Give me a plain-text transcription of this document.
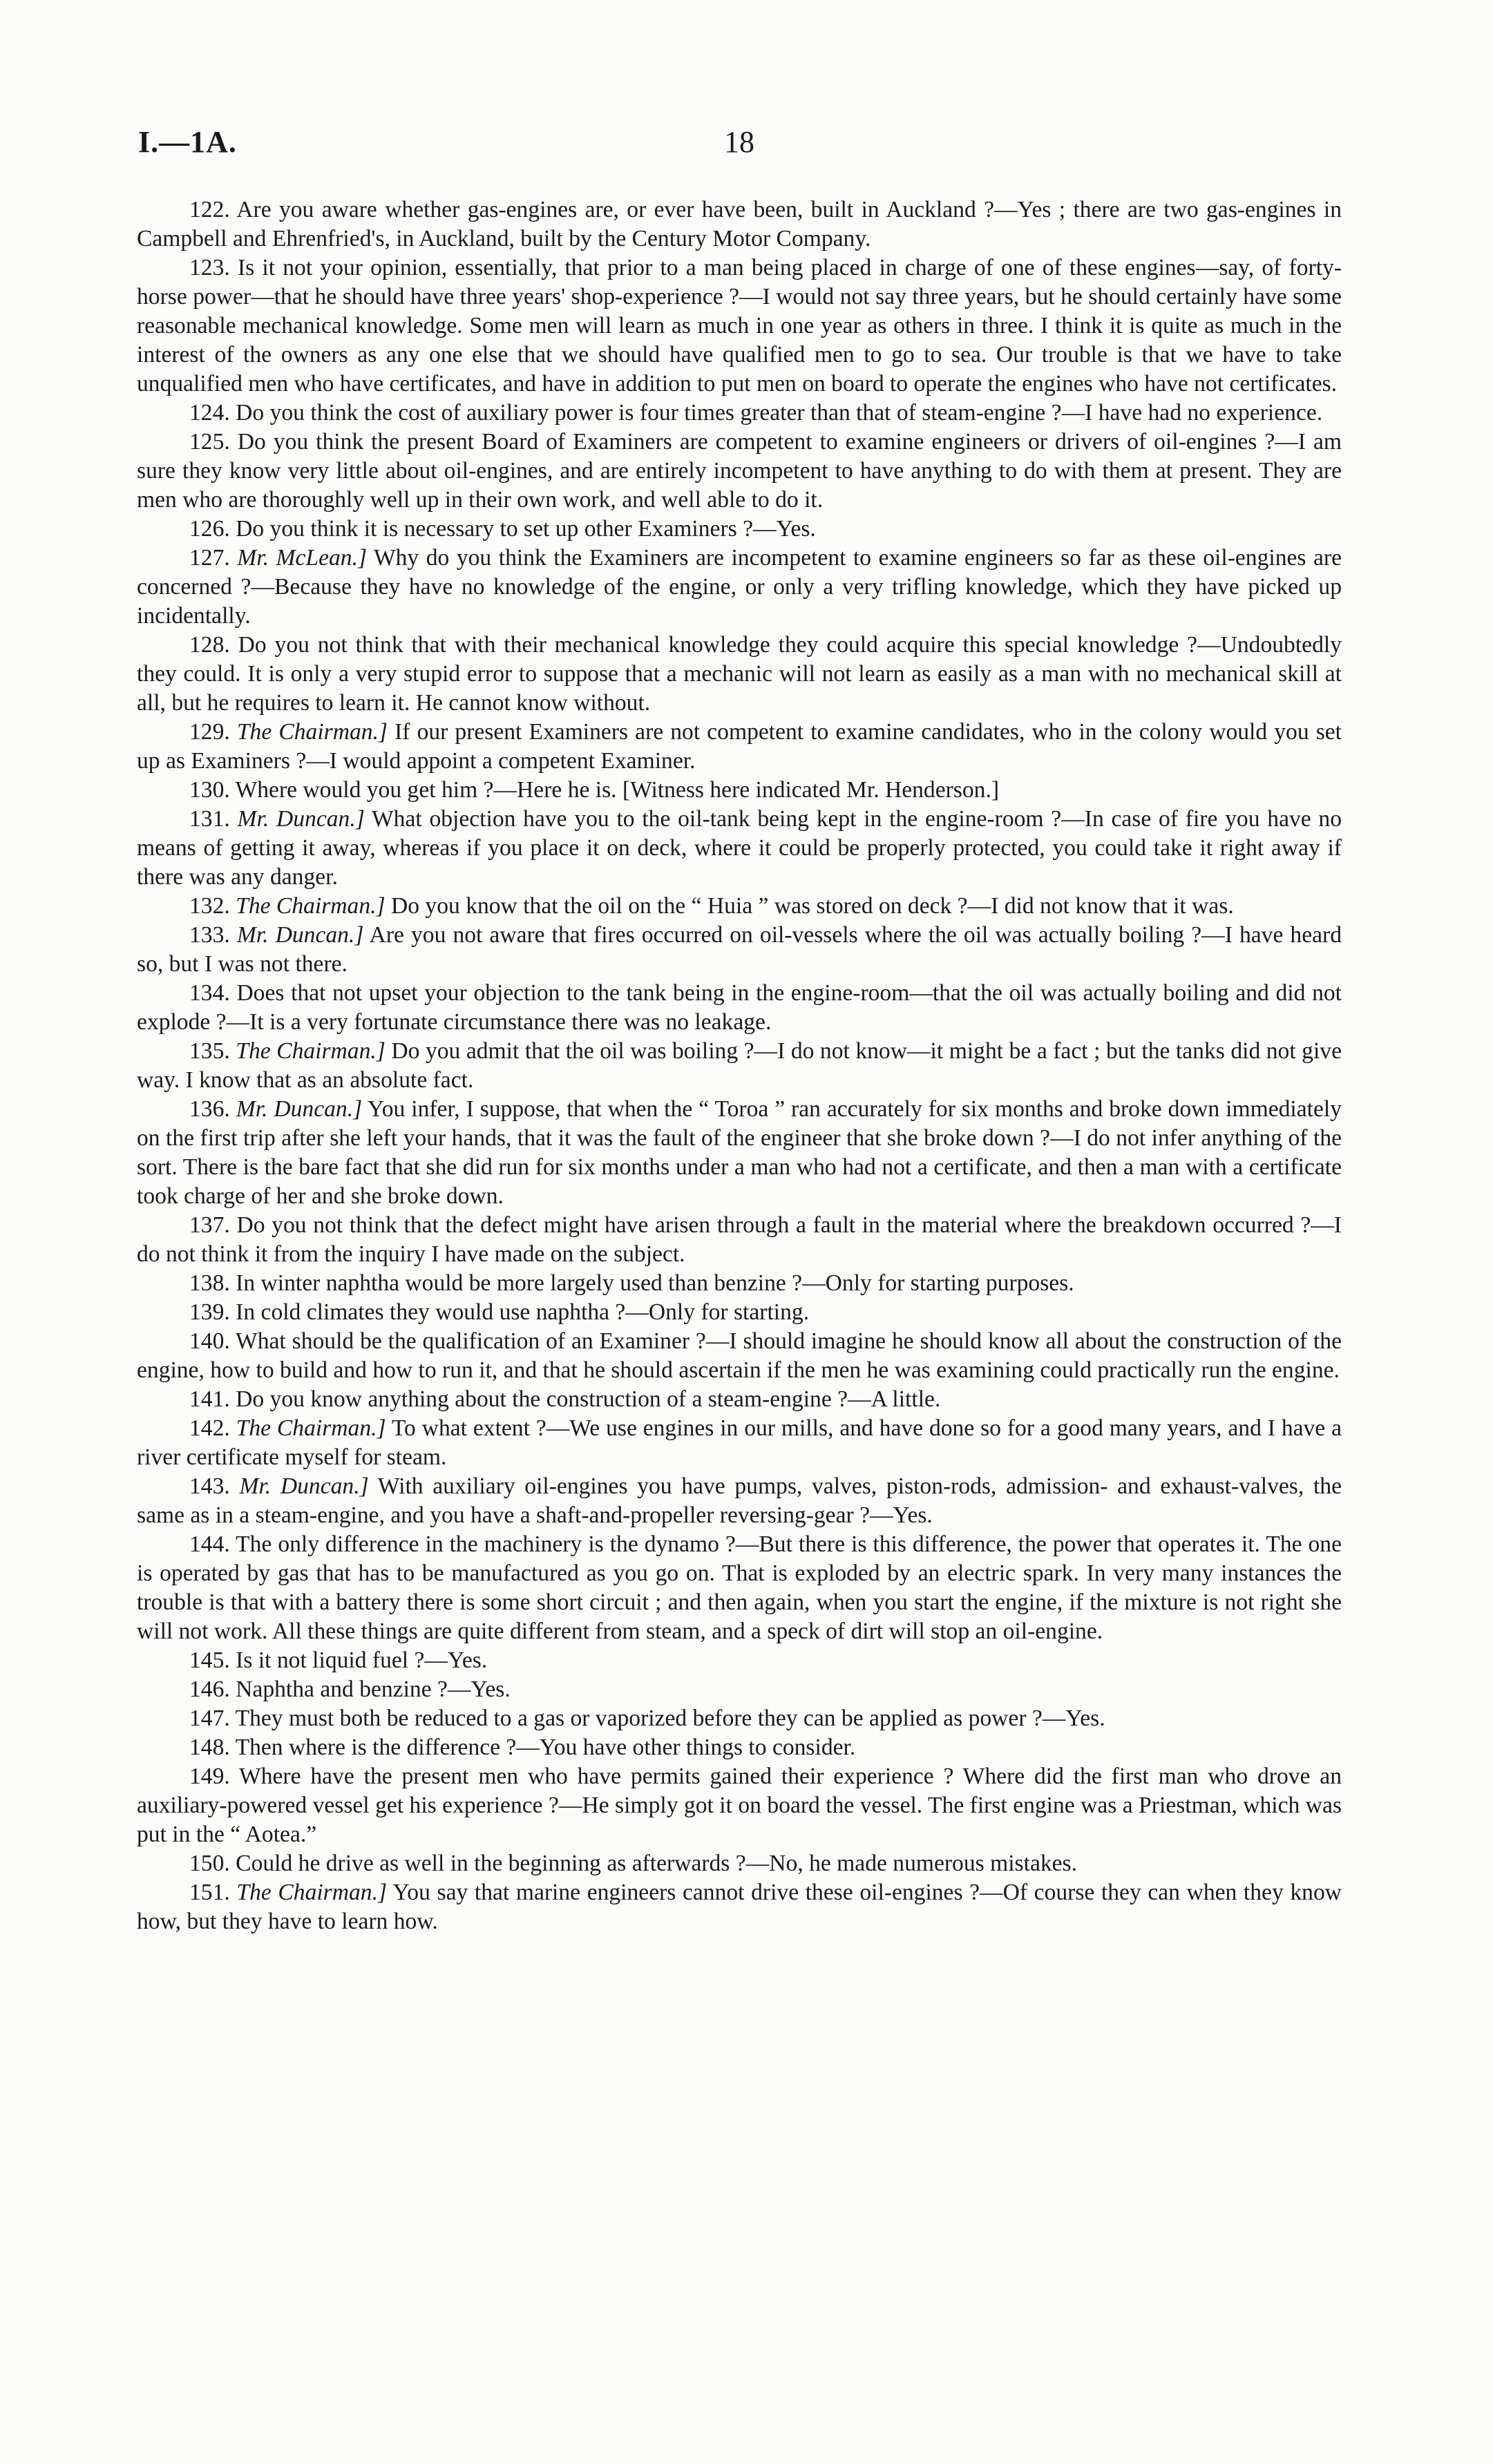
I.—1A.	18

122. Are you aware whether gas-engines are, or ever have been, built in Auckland ?—Yes ; there are two gas-engines in Campbell and Ehrenfried's, in Auckland, built by the Century Motor Company.

123. Is it not your opinion, essentially, that prior to a man being placed in charge of one of these engines—say, of forty-horse power—that he should have three years' shop-experience ?—I would not say three years, but he should certainly have some reasonable mechanical knowledge. Some men will learn as much in one year as others in three. I think it is quite as much in the interest of the owners as any one else that we should have qualified men to go to sea. Our trouble is that we have to take unqualified men who have certificates, and have in addition to put men on board to operate the engines who have not certificates.

124. Do you think the cost of auxiliary power is four times greater than that of steam-engine ?—I have had no experience.

125. Do you think the present Board of Examiners are competent to examine engineers or drivers of oil-engines ?—I am sure they know very little about oil-engines, and are entirely incompetent to have anything to do with them at present. They are men who are thoroughly well up in their own work, and well able to do it.

126. Do you think it is necessary to set up other Examiners ?—Yes.

127. Mr. McLean.] Why do you think the Examiners are incompetent to examine engineers so far as these oil-engines are concerned ?—Because they have no knowledge of the engine, or only a very trifling knowledge, which they have picked up incidentally.

128. Do you not think that with their mechanical knowledge they could acquire this special knowledge ?—Undoubtedly they could. It is only a very stupid error to suppose that a mechanic will not learn as easily as a man with no mechanical skill at all, but he requires to learn it. He cannot know without.

129. The Chairman.] If our present Examiners are not competent to examine candidates, who in the colony would you set up as Examiners ?—I would appoint a competent Examiner.

130. Where would you get him ?—Here he is. [Witness here indicated Mr. Henderson.]

131. Mr. Duncan.] What objection have you to the oil-tank being kept in the engine-room ?—In case of fire you have no means of getting it away, whereas if you place it on deck, where it could be properly protected, you could take it right away if there was any danger.

132. The Chairman.] Do you know that the oil on the “ Huia ” was stored on deck ?—I did not know that it was.

133. Mr. Duncan.] Are you not aware that fires occurred on oil-vessels where the oil was actually boiling ?—I have heard so, but I was not there.

134. Does that not upset your objection to the tank being in the engine-room—that the oil was actually boiling and did not explode ?—It is a very fortunate circumstance there was no leakage.

135. The Chairman.] Do you admit that the oil was boiling ?—I do not know—it might be a fact ; but the tanks did not give way. I know that as an absolute fact.

136. Mr. Duncan.] You infer, I suppose, that when the “ Toroa ” ran accurately for six months and broke down immediately on the first trip after she left your hands, that it was the fault of the engineer that she broke down ?—I do not infer anything of the sort. There is the bare fact that she did run for six months under a man who had not a certificate, and then a man with a certificate took charge of her and she broke down.

137. Do you not think that the defect might have arisen through a fault in the material where the breakdown occurred ?—I do not think it from the inquiry I have made on the subject.

138. In winter naphtha would be more largely used than benzine ?—Only for starting purposes.

139. In cold climates they would use naphtha ?—Only for starting.

140. What should be the qualification of an Examiner ?—I should imagine he should know all about the construction of the engine, how to build and how to run it, and that he should ascertain if the men he was examining could practically run the engine.

141. Do you know anything about the construction of a steam-engine ?—A little.

142. The Chairman.] To what extent ?—We use engines in our mills, and have done so for a good many years, and I have a river certificate myself for steam.

143. Mr. Duncan.] With auxiliary oil-engines you have pumps, valves, piston-rods, admission- and exhaust-valves, the same as in a steam-engine, and you have a shaft-and-propeller reversing-gear ?—Yes.

144. The only difference in the machinery is the dynamo ?—But there is this difference, the power that operates it. The one is operated by gas that has to be manufactured as you go on. That is exploded by an electric spark. In very many instances the trouble is that with a battery there is some short circuit ; and then again, when you start the engine, if the mixture is not right she will not work. All these things are quite different from steam, and a speck of dirt will stop an oil-engine.

145. Is it not liquid fuel ?—Yes.

146. Naphtha and benzine ?—Yes.

147. They must both be reduced to a gas or vaporized before they can be applied as power ?—Yes.

148. Then where is the difference ?—You have other things to consider.

149. Where have the present men who have permits gained their experience ? Where did the first man who drove an auxiliary-powered vessel get his experience ?—He simply got it on board the vessel. The first engine was a Priestman, which was put in the “ Aotea.”

150. Could he drive as well in the beginning as afterwards ?—No, he made numerous mistakes.

151. The Chairman.] You say that marine engineers cannot drive these oil-engines ?—Of course they can when they know how, but they have to learn how.
